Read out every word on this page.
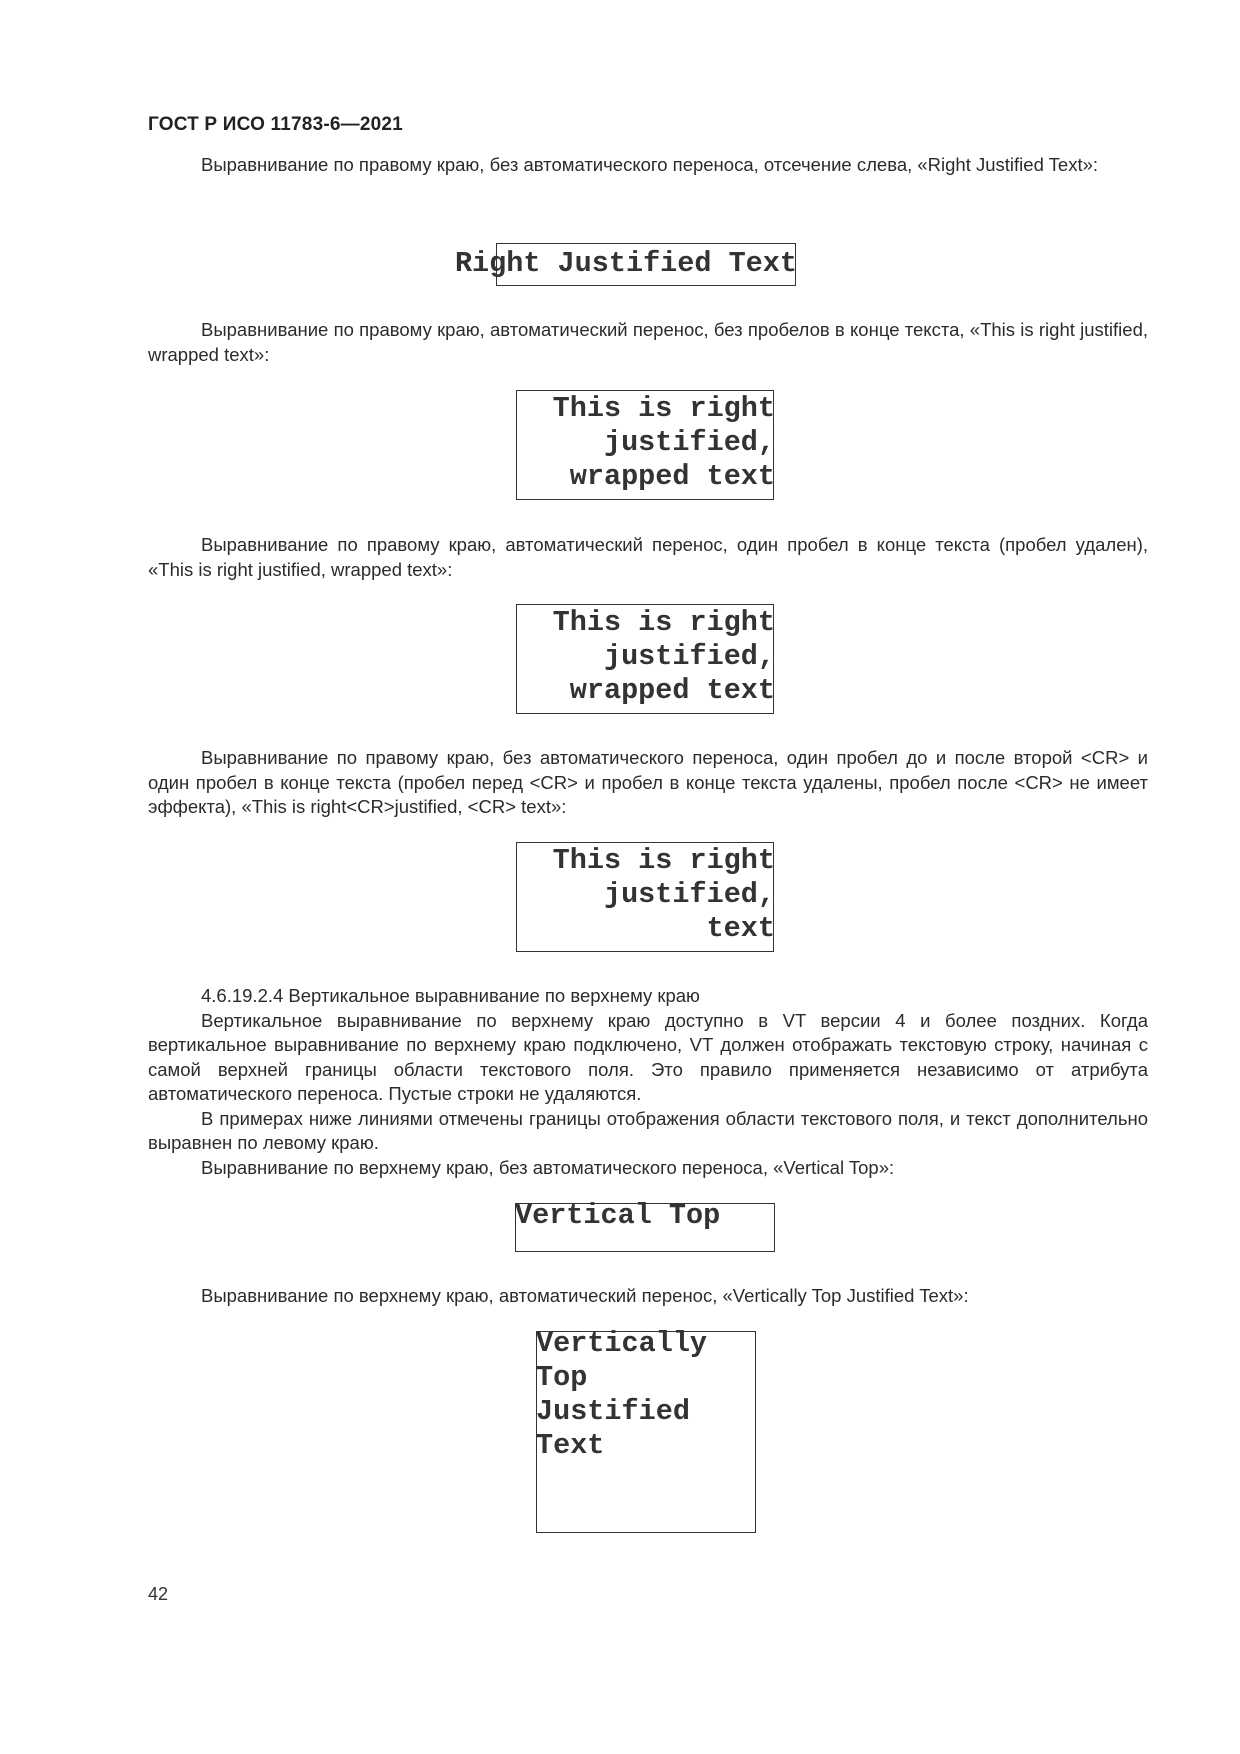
ГОСТ Р ИСО 11783-6—2021

Выравнивание по правому краю, без автоматического переноса, отсечение слева, «Right Justified Text»:

Right Justified Text

Выравнивание по правому краю, автоматический перенос, без пробелов в конце текста, «This is right justified, wrapped text»:

This is right
justified,
wrapped text

Выравнивание по правому краю, автоматический перенос, один пробел в конце текста (пробел удален), «This is right justified, wrapped text»:

This is right
justified,
wrapped text

Выравнивание по правому краю, без автоматического переноса, один пробел до и после второй <CR> и один пробел в конце текста (пробел перед <CR> и пробел в конце текста удалены, пробел после <CR> не имеет эффекта), «This is right<CR>justified, <CR> text»:

This is right
justified,
text

4.6.19.2.4 Вертикальное выравнивание по верхнему краю

Вертикальное выравнивание по верхнему краю доступно в VT версии 4 и более поздних. Когда вертикальное выравнивание по верхнему краю подключено, VT должен отображать текстовую строку, начиная с самой верхней границы области текстового поля. Это правило применяется независимо от атрибута автоматического переноса. Пустые строки не удаляются.

В примерах ниже линиями отмечены границы отображения области текстового поля, и текст дополнительно выравнен по левому краю.

Выравнивание по верхнему краю, без автоматического переноса, «Vertical Top»:

Vertical Top

Выравнивание по верхнему краю, автоматический перенос, «Vertically Top Justified Text»:

Vertically
Top
Justified
Text
42
